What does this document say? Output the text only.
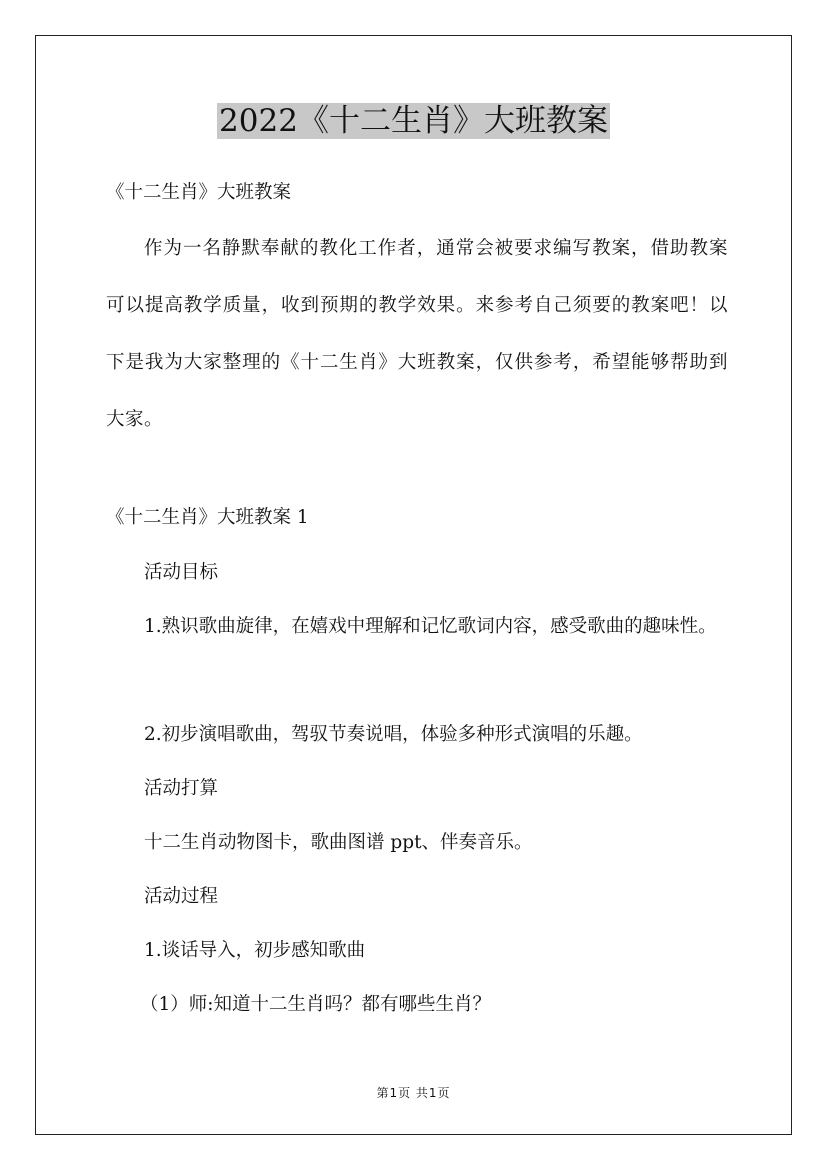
2022《十二生肖》大班教案
《十二生肖》大班教案
作为一名静默奉献的教化工作者，通常会被要求编写教案，借助教案可以提高教学质量，收到预期的教学效果。来参考自己须要的教案吧！以下是我为大家整理的《十二生肖》大班教案，仅供参考，希望能够帮助到大家。
《十二生肖》大班教案 1
活动目标
1.熟识歌曲旋律，在嬉戏中理解和记忆歌词内容，感受歌曲的趣味性。
2.初步演唱歌曲，驾驭节奏说唱，体验多种形式演唱的乐趣。
活动打算
十二生肖动物图卡，歌曲图谱 ppt、伴奏音乐。
活动过程
1.谈话导入，初步感知歌曲
（1）师:知道十二生肖吗？都有哪些生肖？
第1页 共1页
